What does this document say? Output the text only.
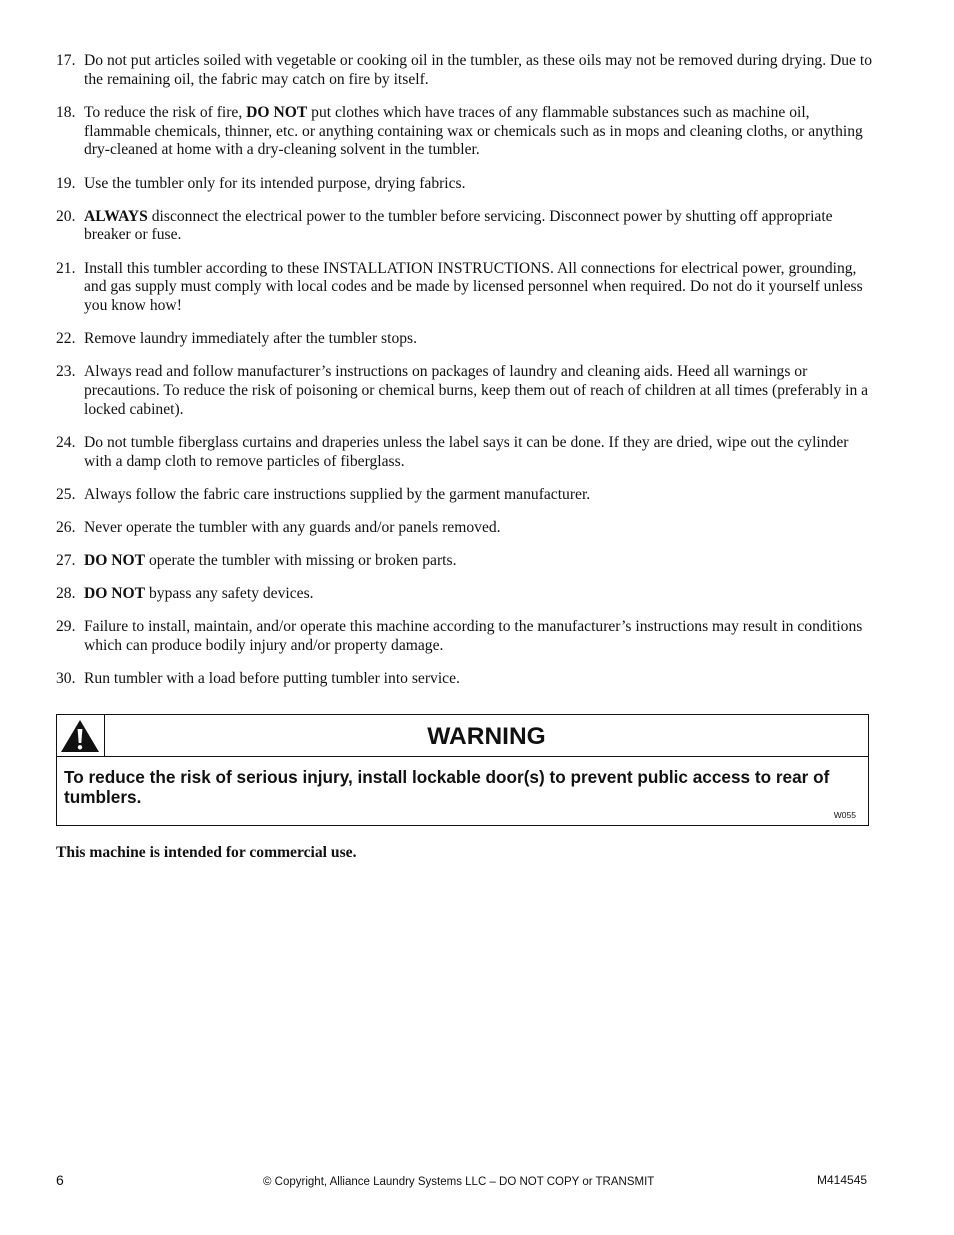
17. Do not put articles soiled with vegetable or cooking oil in the tumbler, as these oils may not be removed during drying. Due to the remaining oil, the fabric may catch on fire by itself.
18. To reduce the risk of fire, DO NOT put clothes which have traces of any flammable substances such as machine oil, flammable chemicals, thinner, etc. or anything containing wax or chemicals such as in mops and cleaning cloths, or anything dry-cleaned at home with a dry-cleaning solvent in the tumbler.
19. Use the tumbler only for its intended purpose, drying fabrics.
20. ALWAYS disconnect the electrical power to the tumbler before servicing. Disconnect power by shutting off appropriate breaker or fuse.
21. Install this tumbler according to these INSTALLATION INSTRUCTIONS. All connections for electrical power, grounding, and gas supply must comply with local codes and be made by licensed personnel when required. Do not do it yourself unless you know how!
22. Remove laundry immediately after the tumbler stops.
23. Always read and follow manufacturer’s instructions on packages of laundry and cleaning aids. Heed all warnings or precautions. To reduce the risk of poisoning or chemical burns, keep them out of reach of children at all times (preferably in a locked cabinet).
24. Do not tumble fiberglass curtains and draperies unless the label says it can be done. If they are dried, wipe out the cylinder with a damp cloth to remove particles of fiberglass.
25. Always follow the fabric care instructions supplied by the garment manufacturer.
26. Never operate the tumbler with any guards and/or panels removed.
27. DO NOT operate the tumbler with missing or broken parts.
28. DO NOT bypass any safety devices.
29. Failure to install, maintain, and/or operate this machine according to the manufacturer’s instructions may result in conditions which can produce bodily injury and/or property damage.
30. Run tumbler with a load before putting tumbler into service.
WARNING
To reduce the risk of serious injury, install lockable door(s) to prevent public access to rear of tumblers.
W055
This machine is intended for commercial use.
6	© Copyright, Alliance Laundry Systems LLC – DO NOT COPY or TRANSMIT	M414545
